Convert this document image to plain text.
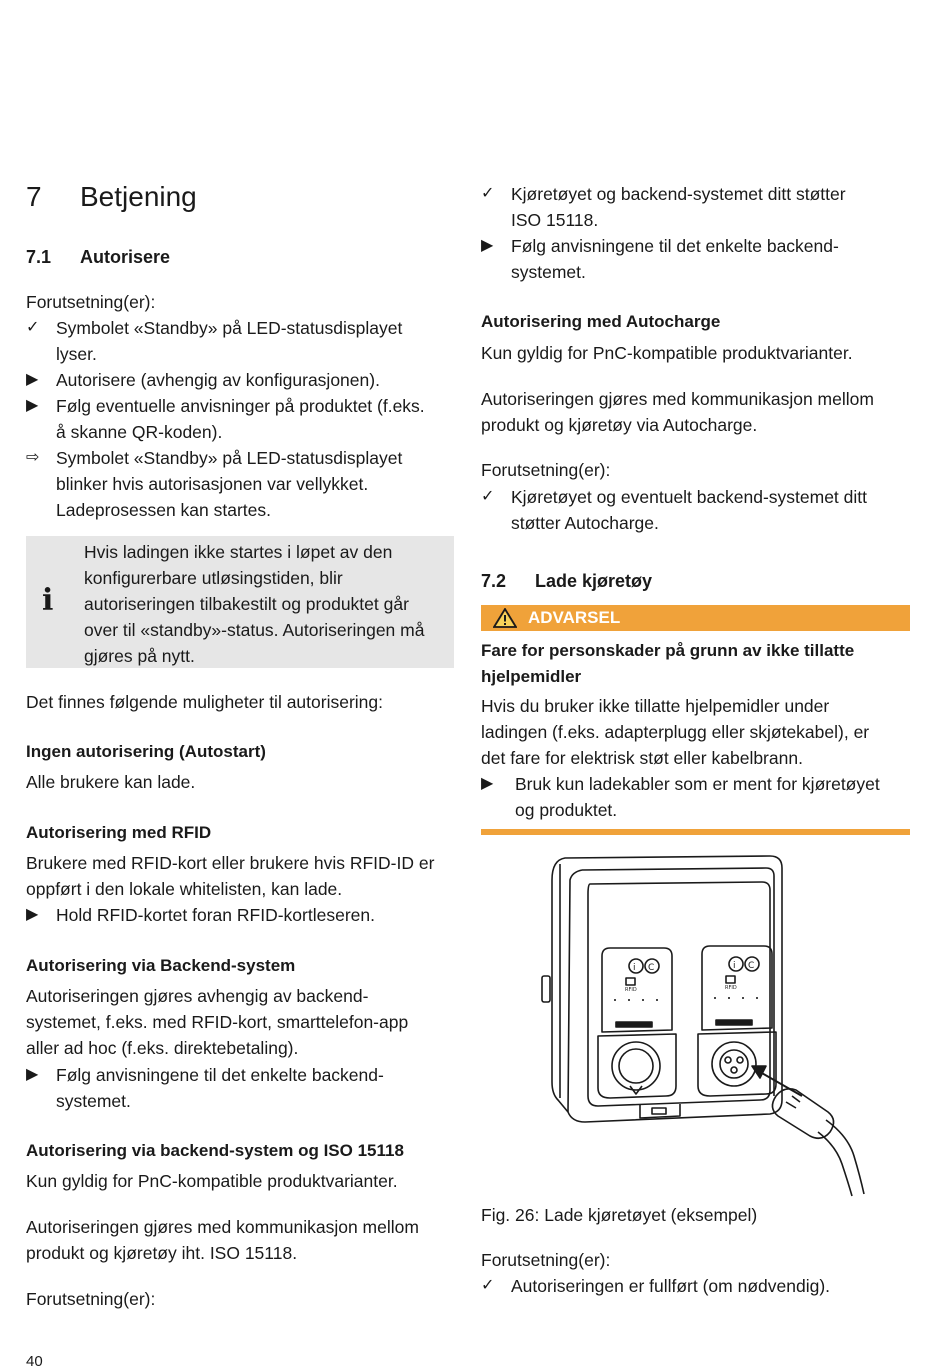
7 Betjening
7.1 Autorisere
Forutsetning(er):
✓ Symbolet «Standby» på LED-statusdisplayet
lyser.
▶	Autorisere (avhengig av konfigurasjonen).
▶	Følg eventuelle anvisninger på produktet (f.eks.
å skanne QR-koden).
⇨ Symbolet «Standby» på LED-statusdisplayet
blinker hvis autorisasjonen var vellykket.
Ladeprosessen kan startes.
i
Hvis ladingen ikke startes i løpet av den
konfigurerbare utløsingstiden, blir
autoriseringen tilbakestilt og produktet går
over til «standby»-status. Autoriseringen må
gjøres på nytt.
Det finnes følgende muligheter til autorisering:
Ingen autorisering (Autostart)
Alle brukere kan lade.
Autorisering med RFID
Brukere med RFID-kort eller brukere hvis RFID-ID er
oppført i den lokale whitelisten, kan lade.
▶	Hold RFID-kortet foran RFID-kortleseren.
Autorisering via Backend-system
Autoriseringen gjøres avhengig av backend-
systemet, f.eks. med RFID-kort, smarttelefon-app
aller ad hoc (f.eks. direktebetaling).
▶	Følg anvisningene til det enkelte backend-
systemet.
Autorisering via backend-system og ISO 15118
Kun gyldig for PnC-kompatible produktvarianter.
Autoriseringen gjøres med kommunikasjon mellom
produkt og kjøretøy iht. ISO 15118.
Forutsetning(er):
✓ Kjøretøyet og backend-systemet ditt støtter
ISO 15118.
▶	Følg anvisningene til det enkelte backend-
systemet.
Autorisering med Autocharge
Kun gyldig for PnC-kompatible produktvarianter.
Autoriseringen gjøres med kommunikasjon mellom
produkt og kjøretøy via Autocharge.
Forutsetning(er):
✓ Kjøretøyet og eventuelt backend-systemet ditt
støtter Autocharge.
7.2 Lade kjøretøy
ADVARSEL
Fare for personskader på grunn av ikke tillatte
hjelpemidler
Hvis du bruker ikke tillatte hjelpemidler under
ladingen (f.eks. adapterplugg eller skjøtekabel), er
det fare for elektrisk støt eller kabelbrann.
▶	Bruk kun ladekabler som er ment for kjøretøyet
og produktet.
Fig. 26: Lade kjøretøyet (eksempel)
Forutsetning(er):
✓ Autoriseringen er fullført (om nødvendig).
i	i
RFID	RFID
C	C
40
